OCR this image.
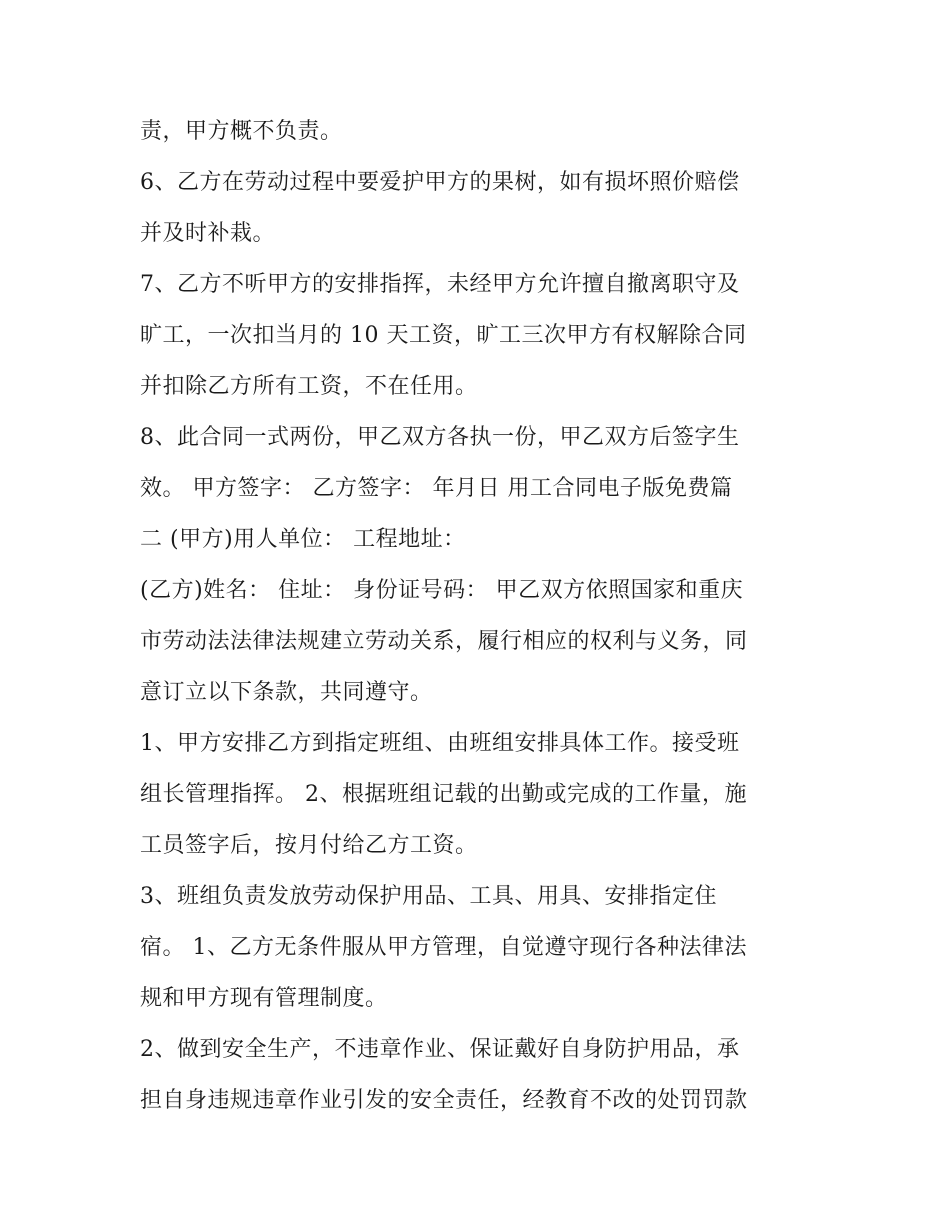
责，甲方概不负责。
6、乙方在劳动过程中要爱护甲方的果树，如有损坏照价赔偿
并及时补栽。
7、乙方不听甲方的安排指挥，未经甲方允许擅自撤离职守及
旷工，一次扣当月的 10 天工资，旷工三次甲方有权解除合同
并扣除乙方所有工资，不在任用。
8、此合同一式两份，甲乙双方各执一份，甲乙双方后签字生
效。 甲方签字： 乙方签字： 年月日 用工合同电子版免费篇
二 (甲方)用人单位： 工程地址：
(乙方)姓名： 住址： 身份证号码： 甲乙双方依照国家和重庆
市劳动法法律法规建立劳动关系，履行相应的权利与义务，同
意订立以下条款，共同遵守。
1、甲方安排乙方到指定班组、由班组安排具体工作。接受班
组长管理指挥。 2、根据班组记载的出勤或完成的工作量，施
工员签字后，按月付给乙方工资。
3、班组负责发放劳动保护用品、工具、用具、安排指定住
宿。 1、乙方无条件服从甲方管理，自觉遵守现行各种法律法
规和甲方现有管理制度。
2、做到安全生产，不违章作业、保证戴好自身防护用品，承
担自身违规违章作业引发的安全责任，经教育不改的处罚罚款
